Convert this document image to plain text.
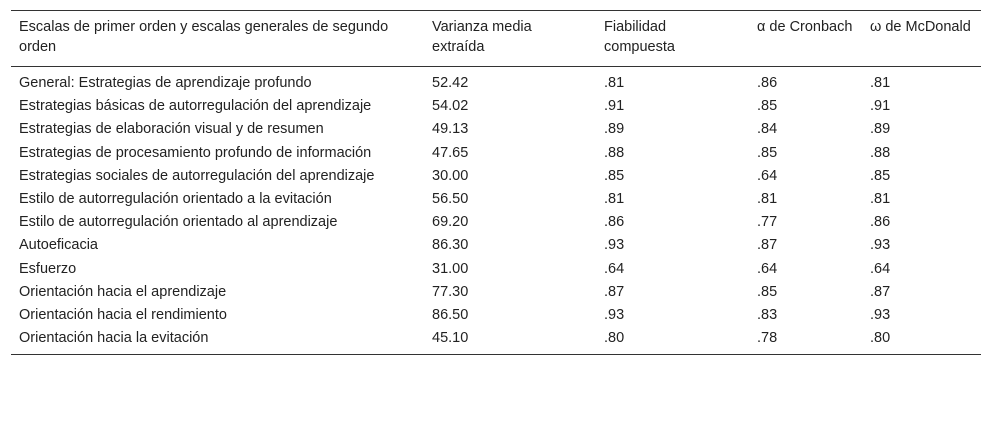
Escalas de primer orden y escalas generales de segundo orden	Varianza media extraída	Fiabilidad compuesta	α de Cronbach	ω de McDonald
General: Estrategias de aprendizaje profundo	52.42	.81	.86	.81
Estrategias básicas de autorregulación del aprendizaje	54.02	.91	.85	.91
Estrategias de elaboración visual y de resumen	49.13	.89	.84	.89
Estrategias de procesamiento profundo de información	47.65	.88	.85	.88
Estrategias sociales de autorregulación del aprendizaje	30.00	.85	.64	.85
Estilo de autorregulación orientado a la evitación	56.50	.81	.81	.81
Estilo de autorregulación orientado al aprendizaje	69.20	.86	.77	.86
Autoeficacia	86.30	.93	.87	.93
Esfuerzo	31.00	.64	.64	.64
Orientación hacia el aprendizaje	77.30	.87	.85	.87
Orientación hacia el rendimiento	86.50	.93	.83	.93
Orientación hacia la evitación	45.10	.80	.78	.80
